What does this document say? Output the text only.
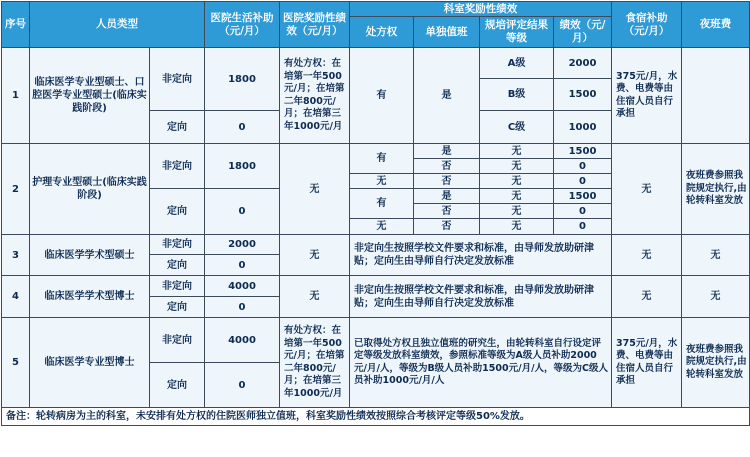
序号	人员类型		医院生活补助（元/月）	医院奖励性绩效（元/月）	科室奖励性绩效				食宿补助（元/月）	夜班费
					处方权	单独值班	规培评定结果等级	绩效（元/月）		
1	临床医学专业型硕士、口腔医学专业型硕士(临床实践阶段)	非定向	1800	有处方权：在培第一年500元/月；在培第二年800元/月；在培第三年1000元/月	有	是	A级	2000	375元/月，水费、电费等由住宿人员自行承担	
							B级	1500		
		定向	0				C级	1000		
2	护理专业型硕士(临床实践阶段)	非定向	1800	无	有	是	无	1500	无	夜班费参照我院规定执行,由轮转科室发放
						否	无	0		
					无	否	无	0		
		定向	0		有	是	无	1500		
						否	无	0		
					无	否	无	0		
3	临床医学学术型硕士	非定向	2000	无	非定向生按照学校文件要求和标准，由导师发放助研津贴；定向生由导师自行决定发放标准				无	无
		定向	0							
4	临床医学学术型博士	非定向	4000	无	非定向生按照学校文件要求和标准，由导师发放助研津贴；定向生由导师自行决定发放标准				无	无
		定向	0							
5	临床医学专业型博士	非定向	4000	有处方权：在培第一年500元/月；在培第二年800元/月；在培第三年1000元/月	已取得处方权且独立值班的研究生，由轮转科室自行设定评定等级发放科室绩效，参照标准等级为A级人员补助2000元/月/人，等级为B级人员补助1500元/月/人，等级为C级人员补助1000元/月/人				375元/月，水费、电费等由住宿人员自行承担	夜班费参照我院规定执行,由轮转科室发放
		定向	0							
备注：轮转病房为主的科室，未安排有处方权的住院医师独立值班，科室奖励性绩效按照综合考核评定等级50%发放。										
